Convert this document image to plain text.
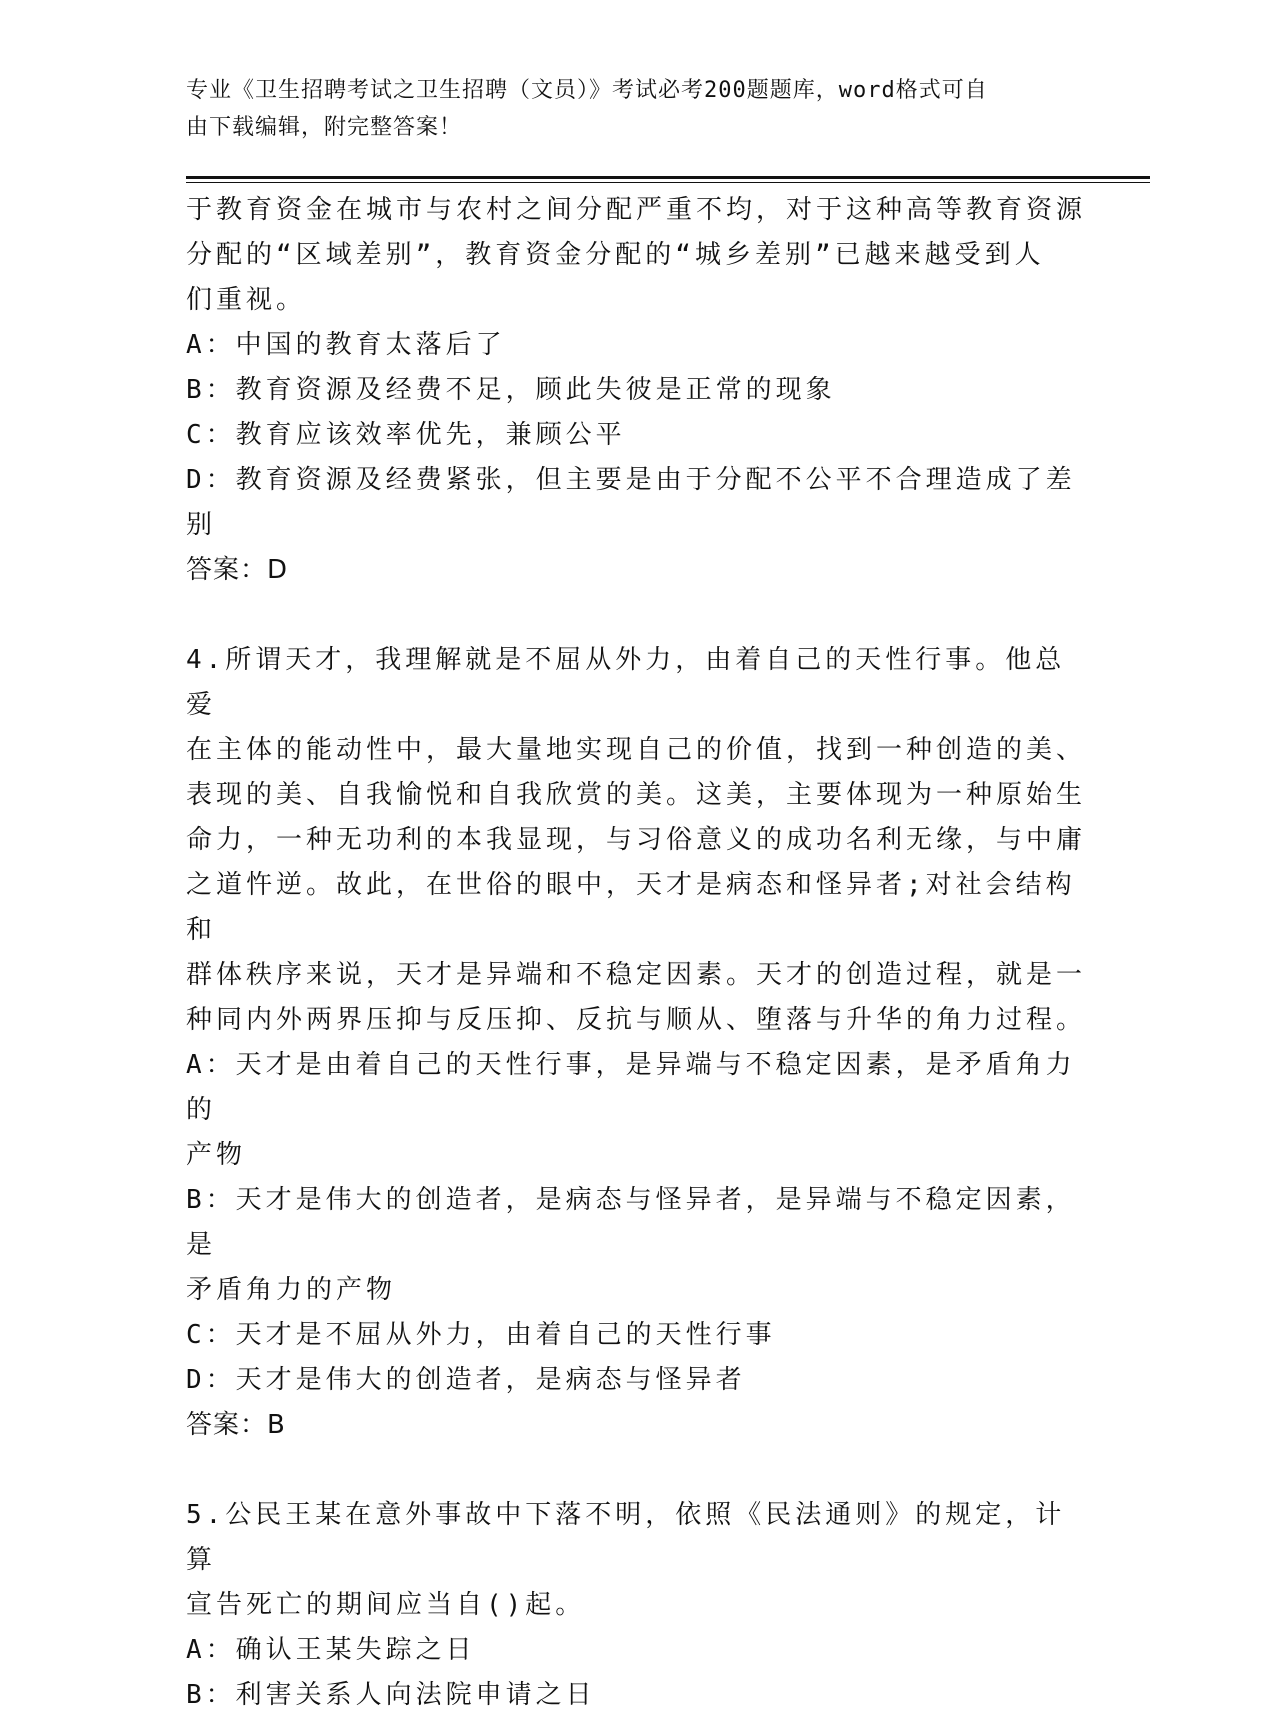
专业《卫生招聘考试之卫生招聘（文员）》考试必考200题题库，word格式可自
由下载编辑，附完整答案！

于教育资金在城市与农村之间分配严重不均，对于这种高等教育资源

分配的“区域差别”，教育资金分配的“城乡差别”已越来越受到人

们重视。

A：中国的教育太落后了

B：教育资源及经费不足，顾此失彼是正常的现象

C：教育应该效率优先，兼顾公平

D：教育资源及经费紧张，但主要是由于分配不公平不合理造成了差别

答案：D

4.所谓天才，我理解就是不屈从外力，由着自己的天性行事。他总爱

在主体的能动性中，最大量地实现自己的价值，找到一种创造的美、

表现的美、自我愉悦和自我欣赏的美。这美，主要体现为一种原始生

命力，一种无功利的本我显现，与习俗意义的成功名利无缘，与中庸

之道忤逆。故此，在世俗的眼中，天才是病态和怪异者;对社会结构和

群体秩序来说，天才是异端和不稳定因素。天才的创造过程，就是一

种同内外两界压抑与反压抑、反抗与顺从、堕落与升华的角力过程。

A：天才是由着自己的天性行事，是异端与不稳定因素，是矛盾角力的

产物

B：天才是伟大的创造者，是病态与怪异者，是异端与不稳定因素，是

矛盾角力的产物

C：天才是不屈从外力，由着自己的天性行事

D：天才是伟大的创造者，是病态与怪异者

答案：B

5.公民王某在意外事故中下落不明，依照《民法通则》的规定，计算

宣告死亡的期间应当自()起。

A：确认王某失踪之日

B：利害关系人向法院申请之日
